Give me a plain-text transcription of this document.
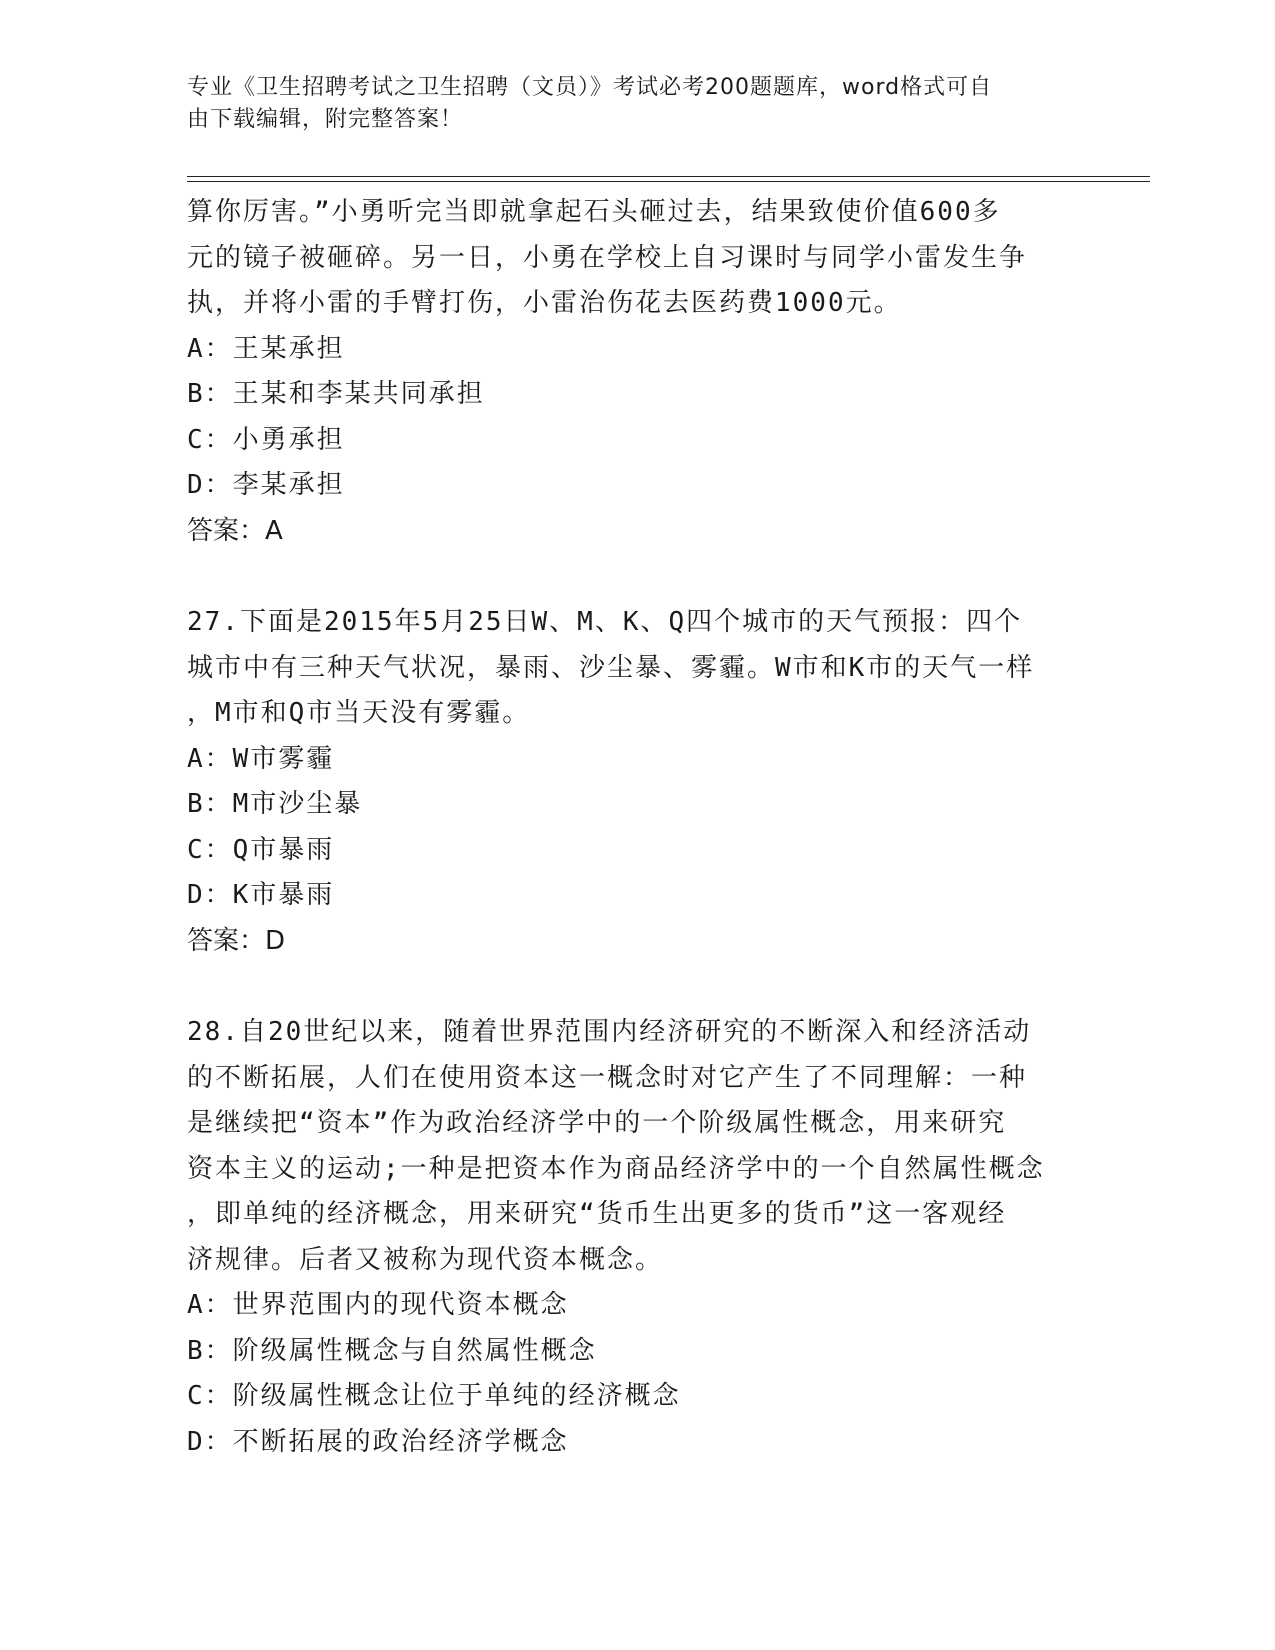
专业《卫生招聘考试之卫生招聘（文员）》考试必考200题题库，word格式可自
由下载编辑，附完整答案！
算你厉害。”小勇听完当即就拿起石头砸过去，结果致使价值600多
元的镜子被砸碎。另一日，小勇在学校上自习课时与同学小雷发生争
执，并将小雷的手臂打伤，小雷治伤花去医药费1000元。
A：王某承担
B：王某和李某共同承担
C：小勇承担
D：李某承担
答案：A
27.下面是2015年5月25日W、M、K、Q四个城市的天气预报：四个
城市中有三种天气状况，暴雨、沙尘暴、雾霾。W市和K市的天气一样
，M市和Q市当天没有雾霾。
A：W市雾霾
B：M市沙尘暴
C：Q市暴雨
D：K市暴雨
答案：D
28.自20世纪以来，随着世界范围内经济研究的不断深入和经济活动
的不断拓展，人们在使用资本这一概念时对它产生了不同理解：一种
是继续把“资本”作为政治经济学中的一个阶级属性概念，用来研究
资本主义的运动;一种是把资本作为商品经济学中的一个自然属性概念
，即单纯的经济概念，用来研究“货币生出更多的货币”这一客观经
济规律。后者又被称为现代资本概念。
A：世界范围内的现代资本概念
B：阶级属性概念与自然属性概念
C：阶级属性概念让位于单纯的经济概念
D：不断拓展的政治经济学概念
